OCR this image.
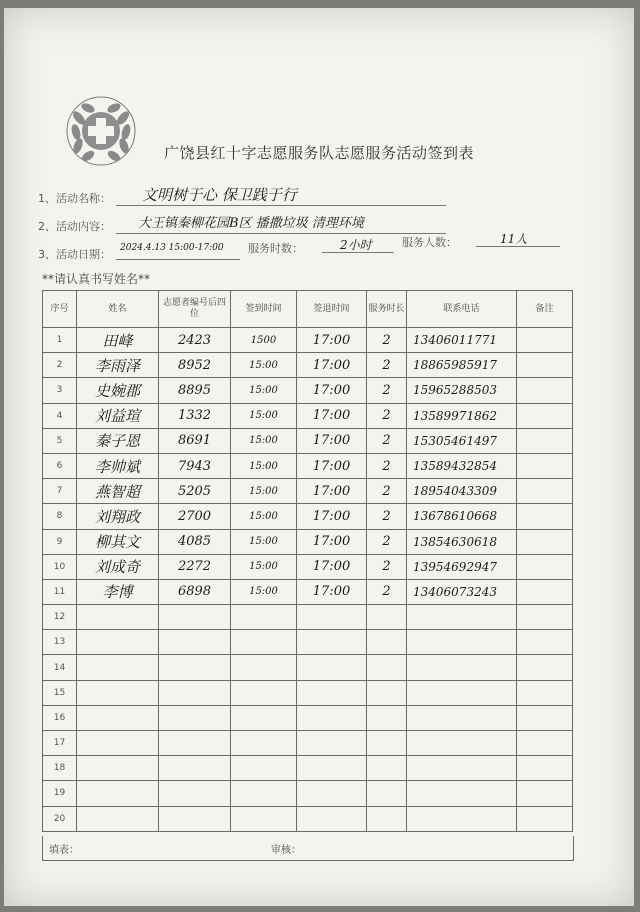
广饶县红十字志愿服务队志愿服务活动签到表
1、活动名称： 文明树于心 保卫践于行
2、活动内容： 大王镇秦柳花园B区 播撒垃圾 清理环境
3、活动日期： 2024.4.13 15:00-17:00 服务时数：	2小时	服务人数：	11人
**请认真书写姓名**
序号	姓名	志愿者编号后四位	签到时间	签退时间	服务时长	联系电话	备注
1	田峰	2423	1500	17:00	2	13406011771	
2	李雨泽	8952	15:00	17:00	2	18865985917	
3	史婉郡	8895	15:00	17:00	2	15965288503	
4	刘益瑄	1332	15:00	17:00	2	13589971862	
5	秦子恩	8691	15:00	17:00	2	15305461497	
6	李帅斌	7943	15:00	17:00	2	13589432854	
7	燕智超	5205	15:00	17:00	2	18954043309	
8	刘翔政	2700	15:00	17:00	2	13678610668	
9	柳其文	4085	15:00	17:00	2	13854630618	
10	刘成奇	2272	15:00	17:00	2	13954692947	
11	李博	6898	15:00	17:00	2	13406073243	
12							
13							
14							
15							
16							
17							
18							
19							
20							
填表：	审核：
